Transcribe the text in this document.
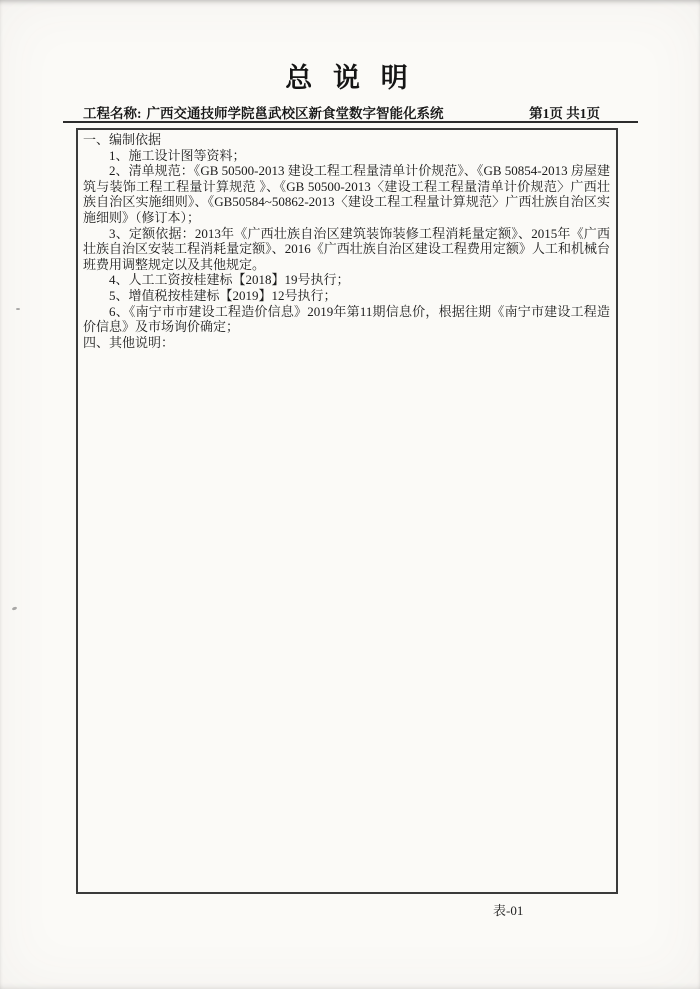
总 说 明
工程名称: 广西交通技师学院邕武校区新食堂数字智能化系统	第1页 共1页

一、编制依据

1、施工设计图等资料；

2、清单规范：《GB 50500-2013 建设工程工程量清单计价规范》、《GB 50854-2013 房屋建筑与装饰工程工程量计算规范 》、《GB 50500-2013〈建设工程工程量清单计价规范〉广西壮族自治区实施细则》、《GB50584~50862-2013〈建设工程工程量计算规范〉广西壮族自治区实施细则》（修订本）；

3、定额依据：2013年《广西壮族自治区建筑装饰装修工程消耗量定额》、2015年《广西壮族自治区安装工程消耗量定额》、2016《广西壮族自治区建设工程费用定额》人工和机械台班费用调整规定以及其他规定。

4、人工工资按桂建标【2018】19号执行；

5、增值税按桂建标【2019】12号执行；

6、《南宁市市建设工程造价信息》2019年第11期信息价，根据往期《南宁市建设工程造价信息》及市场询价确定；

四、其他说明：

表-01
